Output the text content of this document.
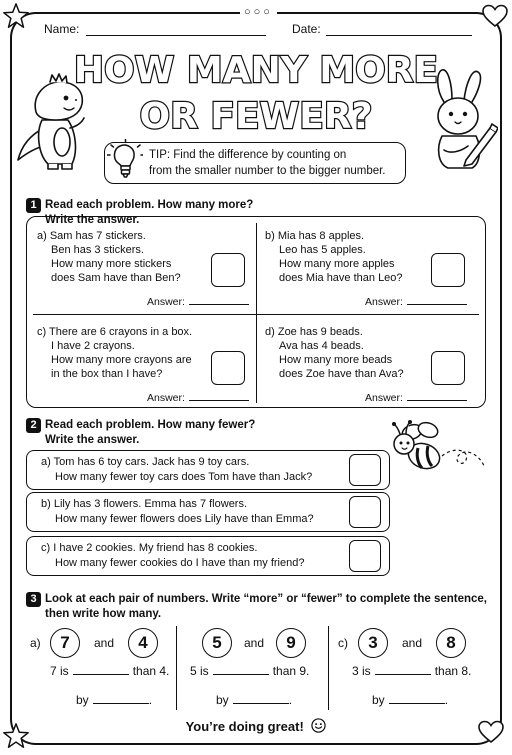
○○○
Name:	Date:
HOW MANY MORE
OR FEWER?
TIP: Find the difference by counting on
from the smaller number to the bigger number.
1 Read each problem. How many more?
Write the answer.
a) Sam has 7 stickers.
Ben has 3 stickers.
How many more stickers
does Sam have than Ben?
Answer:
b) Mia has 8 apples.
Leo has 5 apples.
How many more apples
does Mia have than Leo?
Answer:
c) There are 6 crayons in a box.
I have 2 crayons.
How many more crayons are
in the box than I have?
Answer:
d) Zoe has 9 beads.
Ava has 4 beads.
How many more beads
does Zoe have than Ava?
Answer:
2 Read each problem. How many fewer?
Write the answer.
a) Tom has 6 toy cars. Jack has 9 toy cars.
How many fewer toy cars does Tom have than Jack?
b) Lily has 3 flowers. Emma has 7 flowers.
How many fewer flowers does Lily have than Emma?
c) I have 2 cookies. My friend has 8 cookies.
How many fewer cookies do I have than my friend?
3 Look at each pair of numbers. Write “more” or “fewer” to complete the sentence,
then write how many.
a)	7	and	4
7 is	than 4.
by	.
5	and	9
5 is	than 9.
by	.
c)	3	and	8
3 is	than 8.
by	.
You’re doing great!
